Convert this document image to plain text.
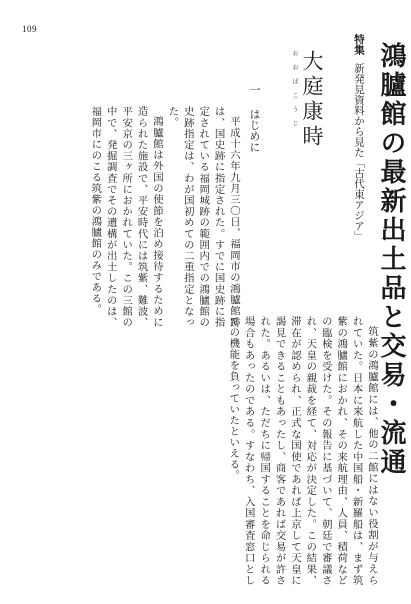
109
特集新発見資料から見た「古代東アジア」 鴻臚館の最新出土品と交易・流通
おおばこうじ 大庭康時
一 はじめに

平成十六年九月三〇日、福岡市の鴻臚館跡は、国史跡に指定された。すでに国史跡に指定されている福岡城跡の範囲内での鴻臚館の史跡指定は、わが国初めての二重指定となった。

鴻臚館は外国の使節を泊め接待するために造られた施設で、平安時代には筑紫、難波、平安京の三ヶ所におかれていた。この三館の中で、発掘調査でその遺構が出土したのは、福岡市にのこる筑紫の鴻臚館のみである。

筑紫の鴻臚館には、他の二館にはない役割が与えられていた。日本に来航した中国船・新羅船は、まず筑紫の鴻臚館におかれ、その来航理由、人員、積荷などの臨検を受けた。その報告に基づいて、朝廷で審議され、天皇の親裁を経て、対応が決定した。この結果、滞在が認められ、正式な国使であれば上京して天皇に謁見できることもあったし、商客であれば交易が許された。あるいは、ただちに帰国することを命じられる場合もあったのである。すなわち、入国審査窓口としての機能を負っていたといえる。
